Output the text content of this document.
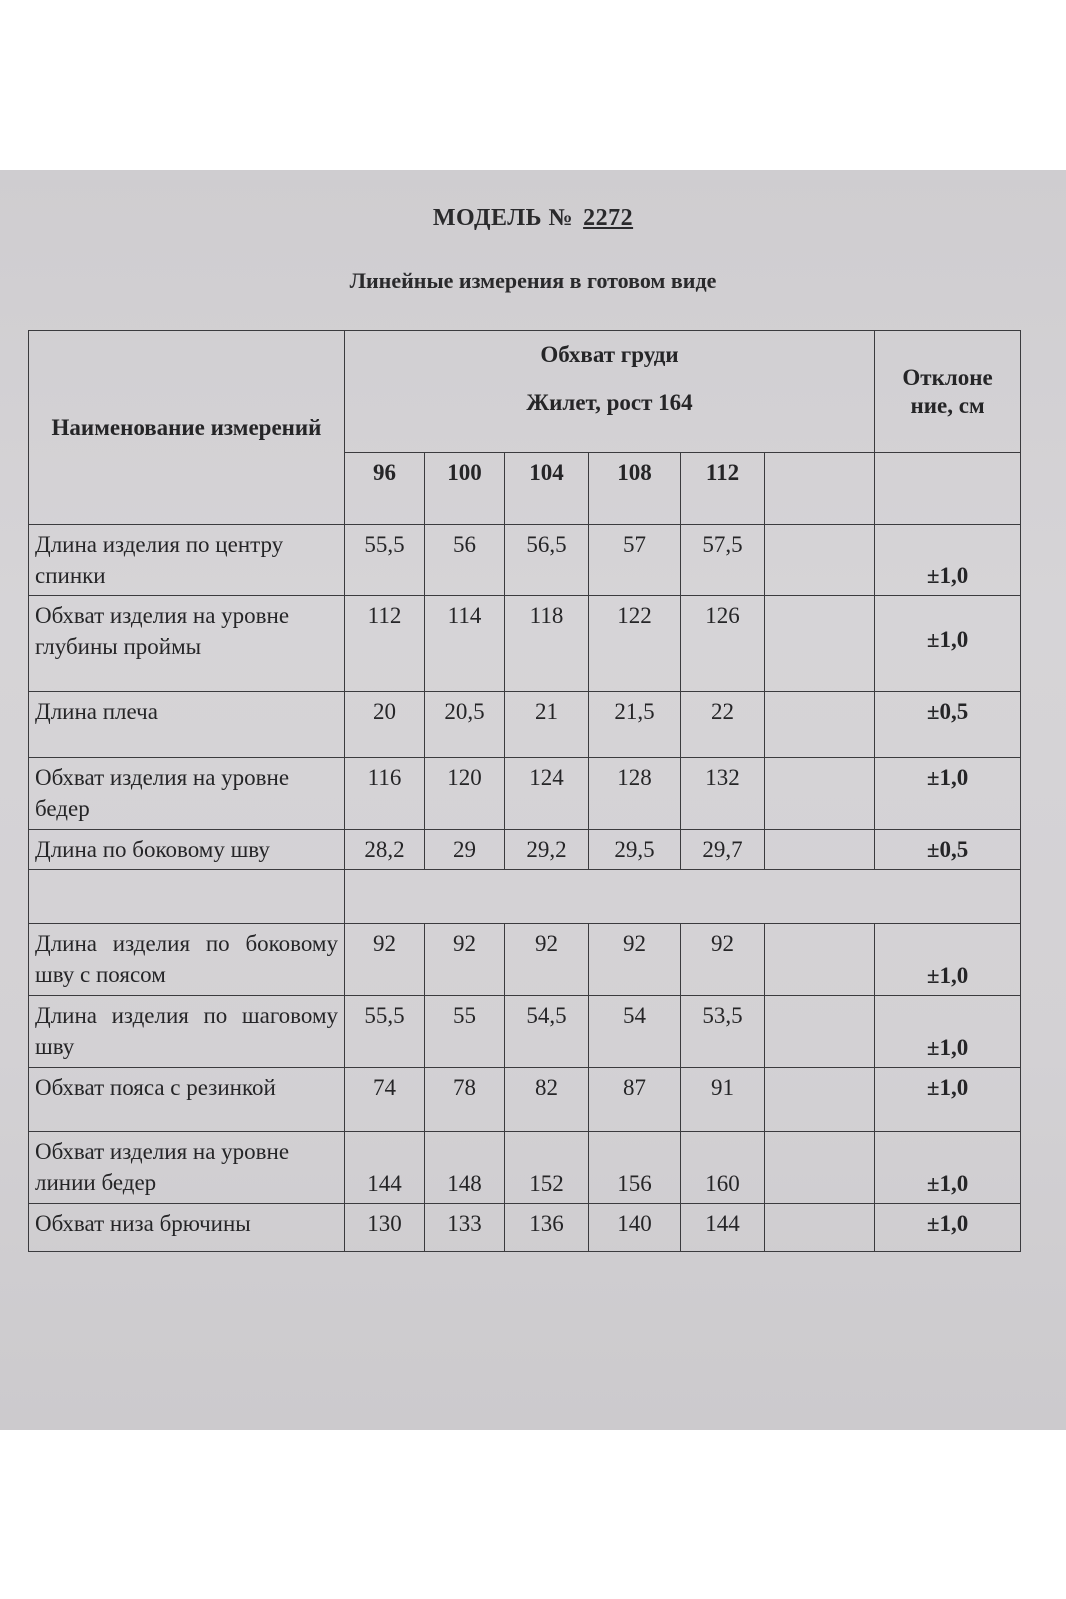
МОДЕЛЬ № 2272
Линейные измерения в готовом виде
Наименование измерений	Обхват груди
Жилет, рост 164						Отклоне ние, см
	96	100	104	108	112		
Длина изделия по центру спинки	55,5	56	56,5	57	57,5		±1,0
Обхват изделия на уровне глубины проймы	112	114	118	122	126		±1,0
Длина плеча	20	20,5	21	21,5	22		±0,5
Обхват изделия на уровне бедер	116	120	124	128	132		±1,0
Длина по боковому шву	28,2	29	29,2	29,5	29,7		±0,5

Длина изделия по боковому шву с поясом	92	92	92	92	92		±1,0
Длина изделия по шаговому шву	55,5	55	54,5	54	53,5		±1,0
Обхват пояса с резинкой	74	78	82	87	91		±1,0
Обхват изделия на уровне линии бедер	144	148	152	156	160		±1,0
Обхват низа брючины	130	133	136	140	144		±1,0
